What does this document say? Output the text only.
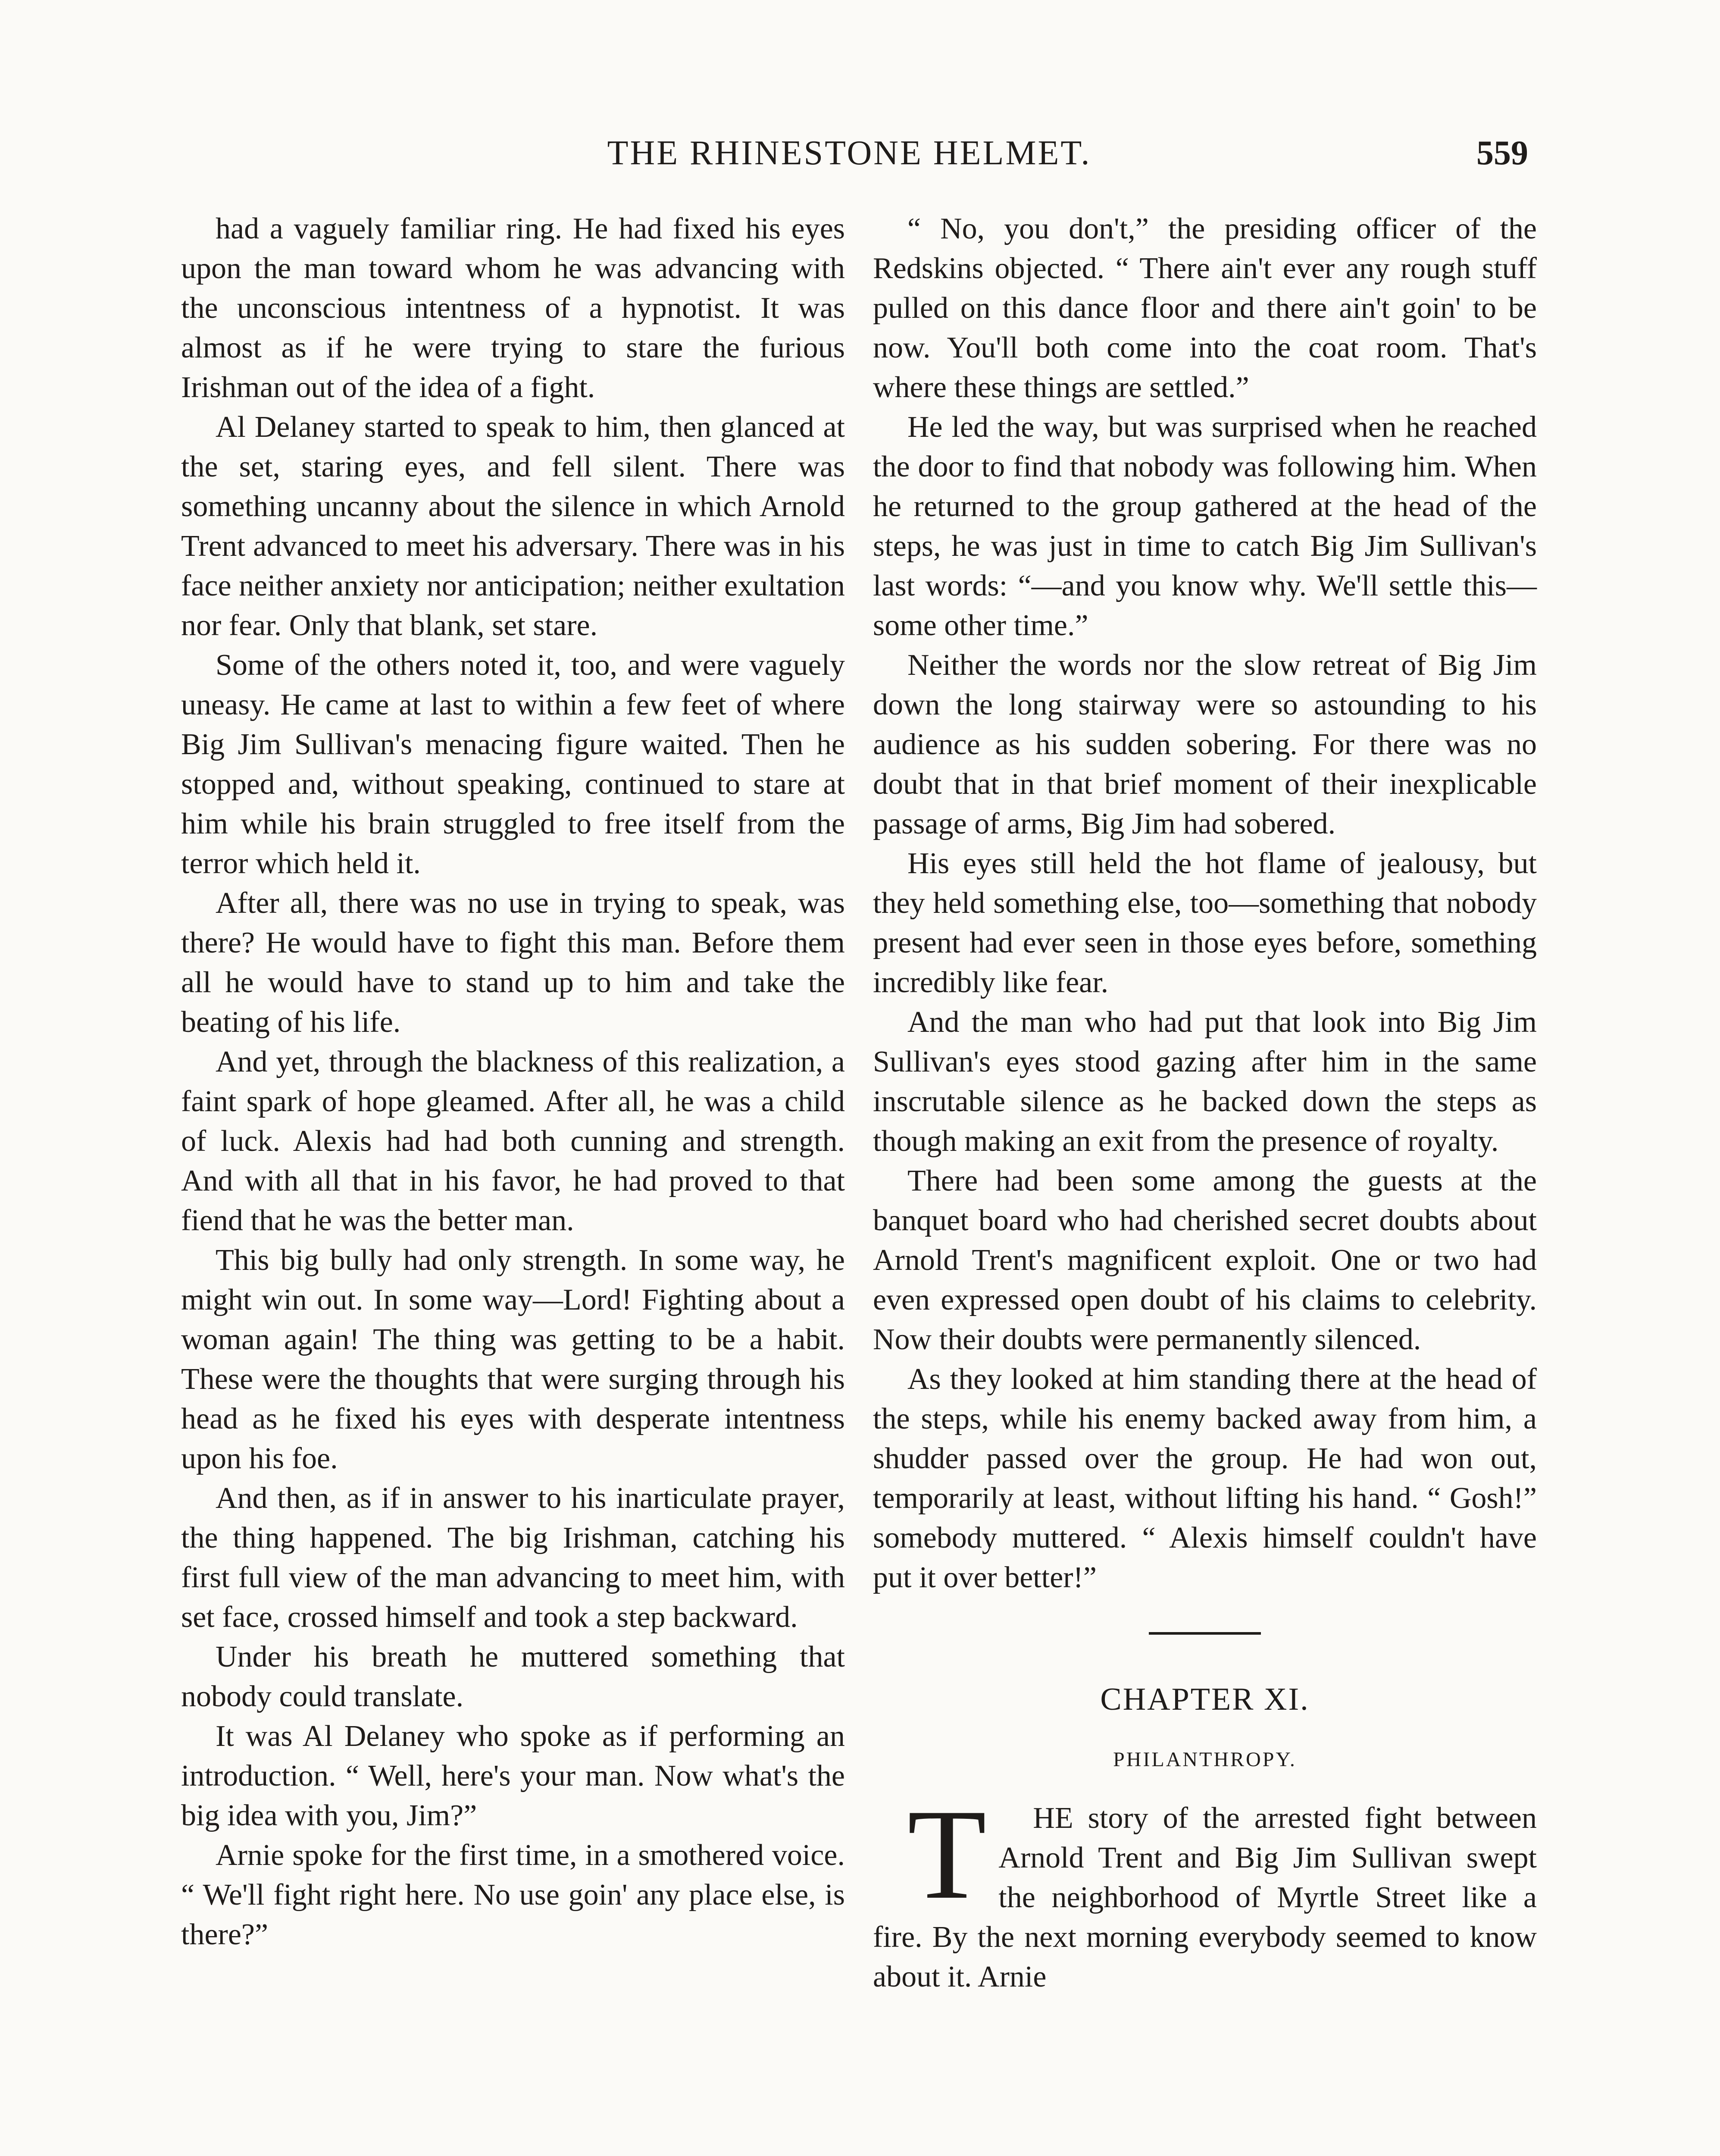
THE RHINESTONE HELMET.	559

had a vaguely familiar ring. He had fixed his eyes upon the man toward whom he was advancing with the unconscious intentness of a hypnotist. It was almost as if he were trying to stare the furious Irishman out of the idea of a fight.

Al Delaney started to speak to him, then glanced at the set, staring eyes, and fell silent. There was something uncanny about the silence in which Arnold Trent advanced to meet his adversary. There was in his face neither anxiety nor anticipation; neither exultation nor fear. Only that blank, set stare.

Some of the others noted it, too, and were vaguely uneasy. He came at last to within a few feet of where Big Jim Sullivan's menacing figure waited. Then he stopped and, without speaking, continued to stare at him while his brain struggled to free itself from the terror which held it.

After all, there was no use in trying to speak, was there? He would have to fight this man. Before them all he would have to stand up to him and take the beating of his life.

And yet, through the blackness of this realization, a faint spark of hope gleamed. After all, he was a child of luck. Alexis had had both cunning and strength. And with all that in his favor, he had proved to that fiend that he was the better man.

This big bully had only strength. In some way, he might win out. In some way—Lord! Fighting about a woman again! The thing was getting to be a habit. These were the thoughts that were surging through his head as he fixed his eyes with desperate intentness upon his foe.

And then, as if in answer to his inarticulate prayer, the thing happened. The big Irishman, catching his first full view of the man advancing to meet him, with set face, crossed himself and took a step backward.

Under his breath he muttered something that nobody could translate.

It was Al Delaney who spoke as if performing an introduction. “ Well, here's your man. Now what's the big idea with you, Jim?”

Arnie spoke for the first time, in a smothered voice. “ We'll fight right here. No use goin' any place else, is there?”

“ No, you don't,” the presiding officer of the Redskins objected. “ There ain't ever any rough stuff pulled on this dance floor and there ain't goin' to be now. You'll both come into the coat room. That's where these things are settled.”

He led the way, but was surprised when he reached the door to find that nobody was following him. When he returned to the group gathered at the head of the steps, he was just in time to catch Big Jim Sullivan's last words: “—and you know why. We'll settle this—some other time.”

Neither the words nor the slow retreat of Big Jim down the long stairway were so astounding to his audience as his sudden sobering. For there was no doubt that in that brief moment of their inexplicable passage of arms, Big Jim had sobered.

His eyes still held the hot flame of jealousy, but they held something else, too—something that nobody present had ever seen in those eyes before, something incredibly like fear.

And the man who had put that look into Big Jim Sullivan's eyes stood gazing after him in the same inscrutable silence as he backed down the steps as though making an exit from the presence of royalty.

There had been some among the guests at the banquet board who had cherished secret doubts about Arnold Trent's magnificent exploit. One or two had even expressed open doubt of his claims to celebrity. Now their doubts were permanently silenced.

As they looked at him standing there at the head of the steps, while his enemy backed away from him, a shudder passed over the group. He had won out, temporarily at least, without lifting his hand. “ Gosh!” somebody muttered. “ Alexis himself couldn't have put it over better!”

CHAPTER XI.
PHILANTHROPY.

T HE story of the arrested fight between Arnold Trent and Big Jim Sullivan swept the neighborhood of Myrtle Street like a fire. By the next morning everybody seemed to know about it. Arnie
